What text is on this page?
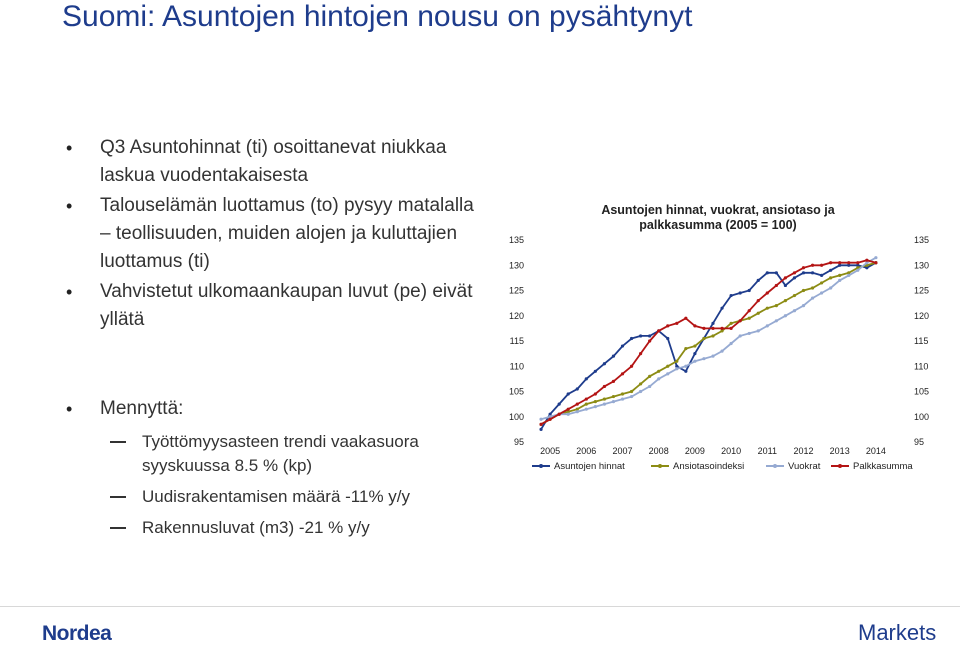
Suomi: Asuntojen hintojen nousu on pysähtynyt
• Q3 Asuntohinnat (ti) osoittanevat niukkaa laskua vuodentakaisesta
• Talouselämän luottamus (to) pysyy matalalla – teollisuuden, muiden alojen ja kuluttajien luottamus (ti)
• Vahvistetut ulkomaankaupan luvut (pe) eivät yllätä
• Mennyttä:
Työttömyysasteen trendi vaakasuora syyskuussa 8.5 % (kp)
Uudisrakentamisen määrä -11% y/y
Rakennusluvat (m3) -21 % y/y
Asuntojen hinnat, vuokrat, ansiotaso ja
palkkasumma (2005 = 100)
95
100
105
110
115
120
125
130
135
95
100
105
110
115
120
125
130
135
2005 2006 2007 2008 2009 2010 2011 2012 2013 2014
Asuntojen hinnat	Ansiotasoindeksi	Vuokrat	Palkkasumma
Nordea	Markets
